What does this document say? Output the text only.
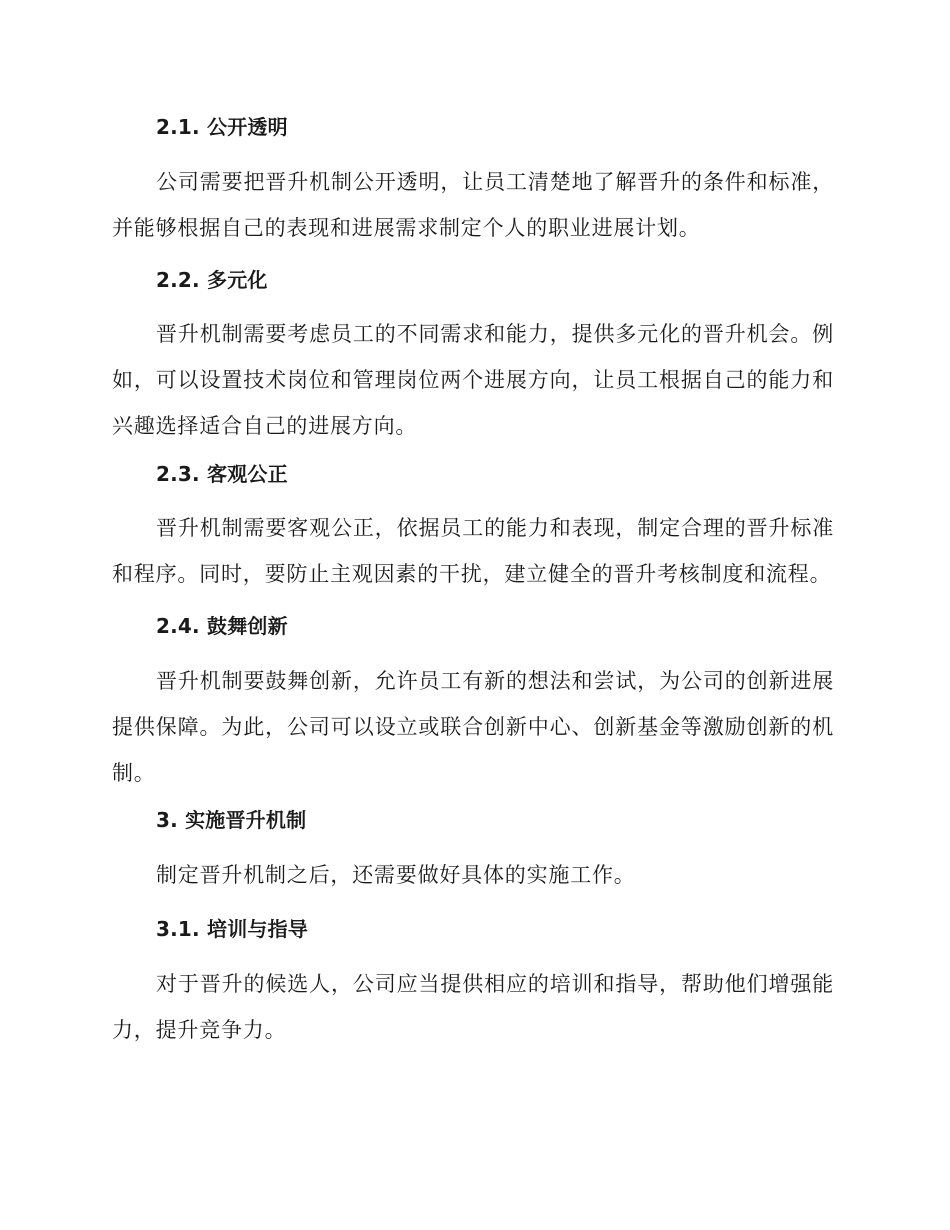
2.1. 公开透明

公司需要把晋升机制公开透明，让员工清楚地了解晋升的条件和标准，并能够根据自己的表现和进展需求制定个人的职业进展计划。

2.2. 多元化

晋升机制需要考虑员工的不同需求和能力，提供多元化的晋升机会。例如，可以设置技术岗位和管理岗位两个进展方向，让员工根据自己的能力和兴趣选择适合自己的进展方向。

2.3. 客观公正

晋升机制需要客观公正，依据员工的能力和表现，制定合理的晋升标准和程序。同时，要防止主观因素的干扰，建立健全的晋升考核制度和流程。

2.4. 鼓舞创新

晋升机制要鼓舞创新，允许员工有新的想法和尝试，为公司的创新进展提供保障。为此，公司可以设立或联合创新中心、创新基金等激励创新的机制。

3. 实施晋升机制

制定晋升机制之后，还需要做好具体的实施工作。

3.1. 培训与指导

对于晋升的候选人，公司应当提供相应的培训和指导，帮助他们增强能力，提升竞争力。
